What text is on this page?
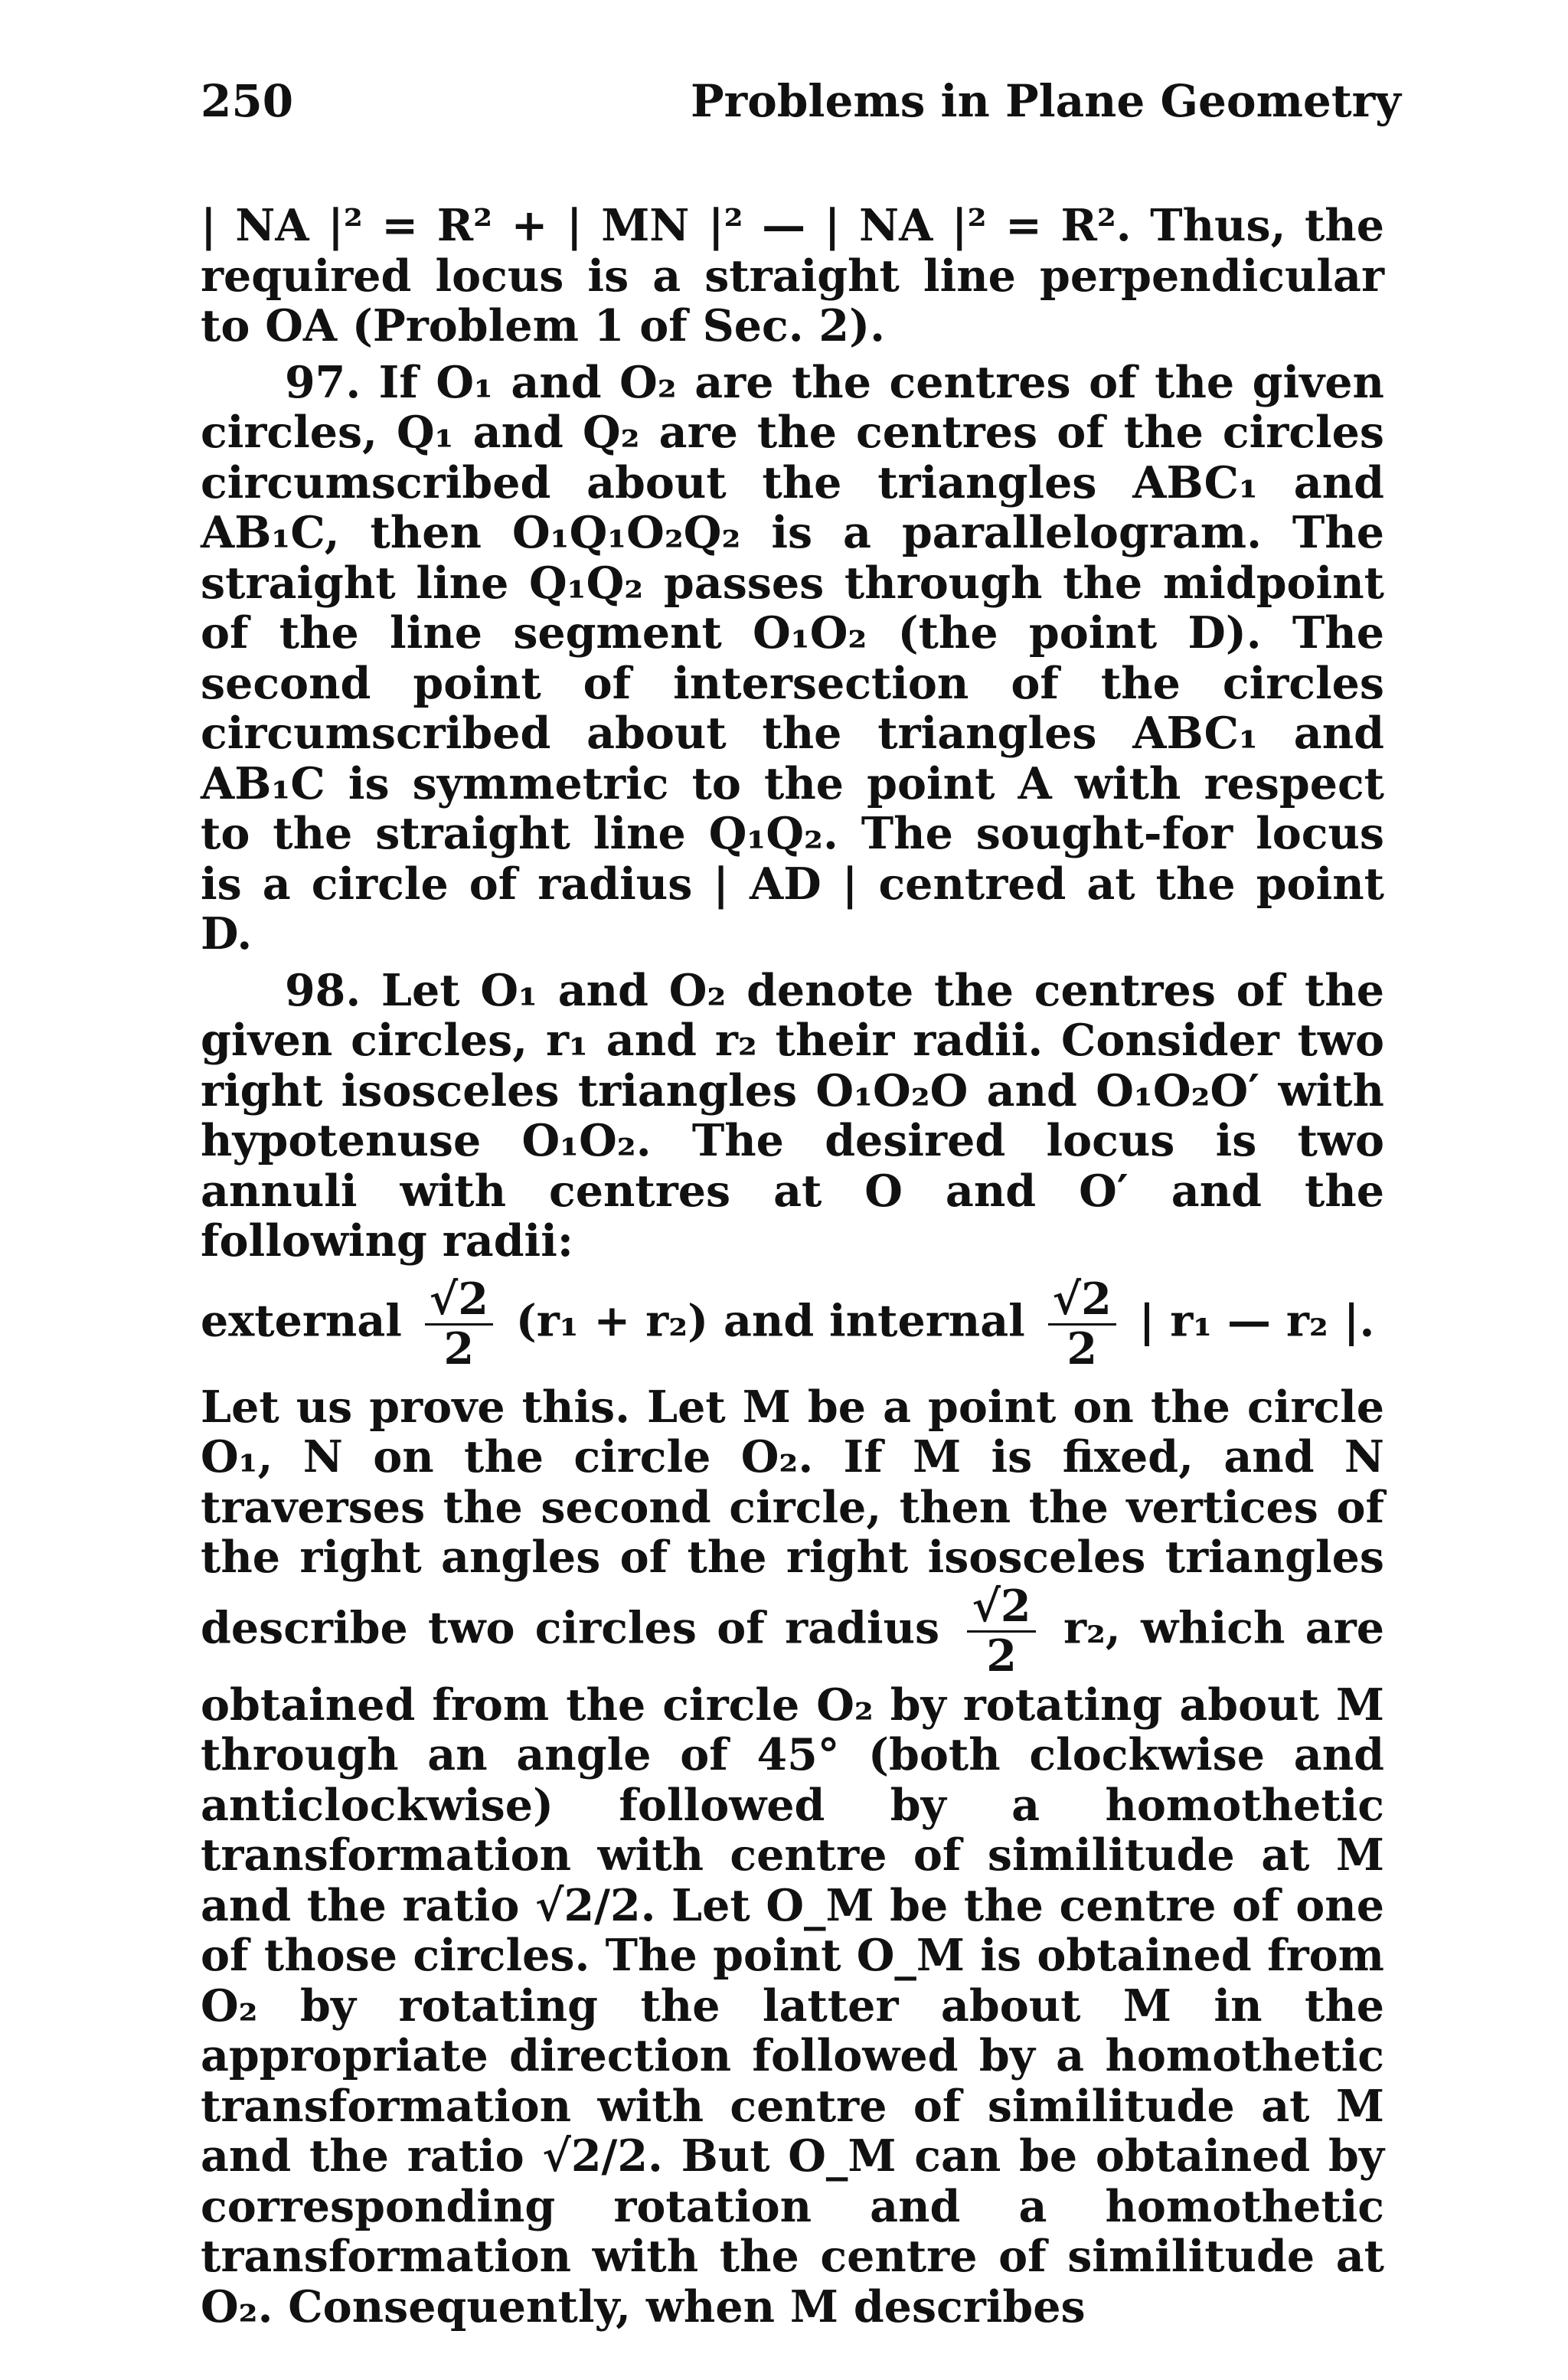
250	Problems in Plane Geometry

| NA |² = R² + | MN |² — | NA |² = R². Thus, the required locus is a straight line perpendicular to OA (Problem 1 of Sec. 2).

97. If O₁ and O₂ are the centres of the given circles, Q₁ and Q₂ are the centres of the circles circumscribed about the triangles ABC₁ and AB₁C, then O₁Q₁O₂Q₂ is a parallelogram. The straight line Q₁Q₂ passes through the midpoint of the line segment O₁O₂ (the point D). The second point of intersection of the circles circumscribed about the triangles ABC₁ and AB₁C is symmetric to the point A with respect to the straight line Q₁Q₂. The sought-for locus is a circle of radius | AD | centred at the point D.

98. Let O₁ and O₂ denote the centres of the given circles, r₁ and r₂ their radii. Consider two right isosceles triangles O₁O₂O and O₁O₂O′ with hypotenuse O₁O₂. The desired locus is two annuli with centres at O and O′ and the following radii:

external $\frac{√2}{2} (r_1 + r_2)$ and internal $\frac{√2}{2}$ | r₁ — r₂ |.

Let us prove this. Let M be a point on the circle O₁, N on the circle O₂. If M is fixed, and N traverses the second circle, then the vertices of the right angles of the right isosceles triangles describe two circles of radius $\frac{√2}{2} r_2$, which are obtained from the circle O₂ by rotating about M through an angle of 45° (both clockwise and anticlockwise) followed by a homothetic transformation with centre of similitude at M and the ratio √2/2. Let O_M be the centre of one of those circles. The point O_M is obtained from O₂ by rotating the latter about M in the appropriate direction followed by a homothetic transformation with centre of similitude at M and the ratio √2/2. But O_M can be obtained by corresponding rotation and a homothetic transformation with the centre of similitude at O₂. Consequently, when M describes
